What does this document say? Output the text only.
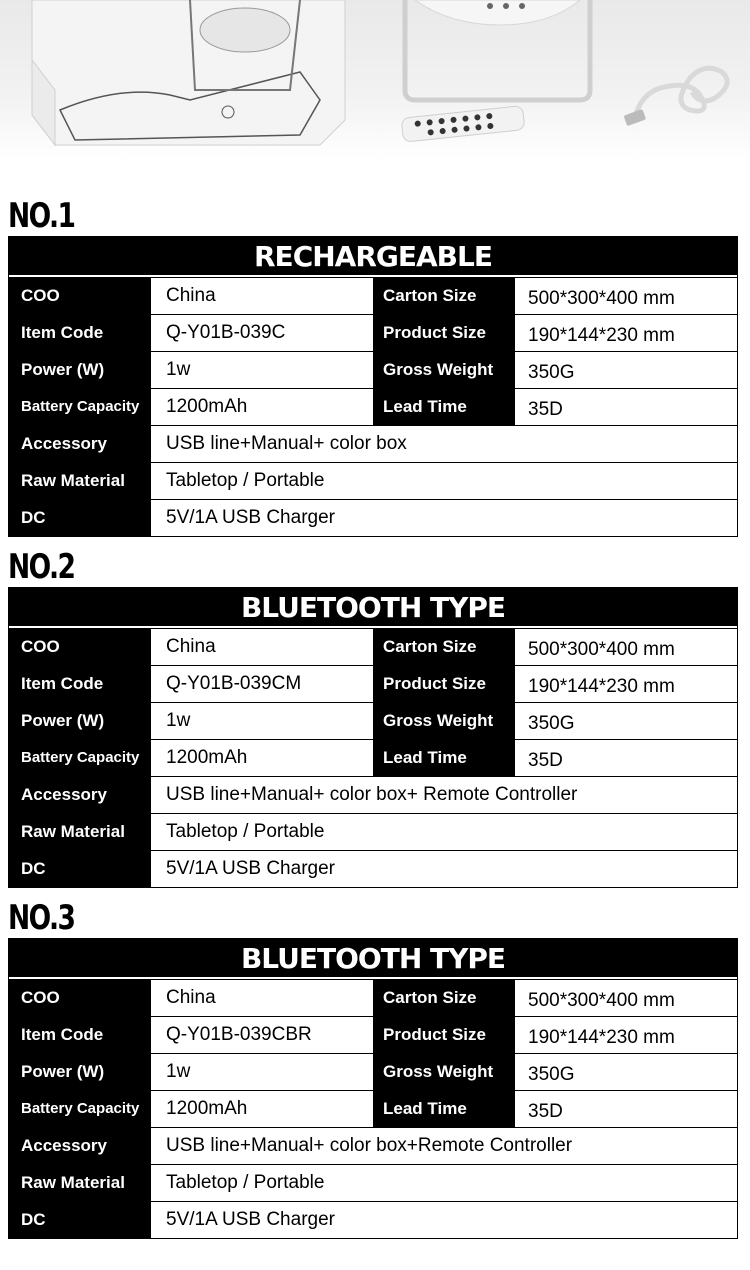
NO.1
RECHARGEABLE
COO	China	Carton Size	500*300*400 mm
Item Code	Q-Y01B-039C	Product Size	190*144*230 mm
Power (W)	1w	Gross Weight	350G
Battery Capacity	1200mAh	Lead Time	35D
Accessory	USB line+Manual+ color box
Raw Material	Tabletop / Portable
DC	5V/1A USB Charger
NO.2
BLUETOOTH TYPE
COO	China	Carton Size	500*300*400 mm
Item Code	Q-Y01B-039CM	Product Size	190*144*230 mm
Power (W)	1w	Gross Weight	350G
Battery Capacity	1200mAh	Lead Time	35D
Accessory	USB line+Manual+ color box+ Remote Controller
Raw Material	Tabletop / Portable
DC	5V/1A USB Charger
NO.3
BLUETOOTH TYPE
COO	China	Carton Size	500*300*400 mm
Item Code	Q-Y01B-039CBR	Product Size	190*144*230 mm
Power (W)	1w	Gross Weight	350G
Battery Capacity	1200mAh	Lead Time	35D
Accessory	USB line+Manual+ color box+Remote Controller
Raw Material	Tabletop / Portable
DC	5V/1A USB Charger
